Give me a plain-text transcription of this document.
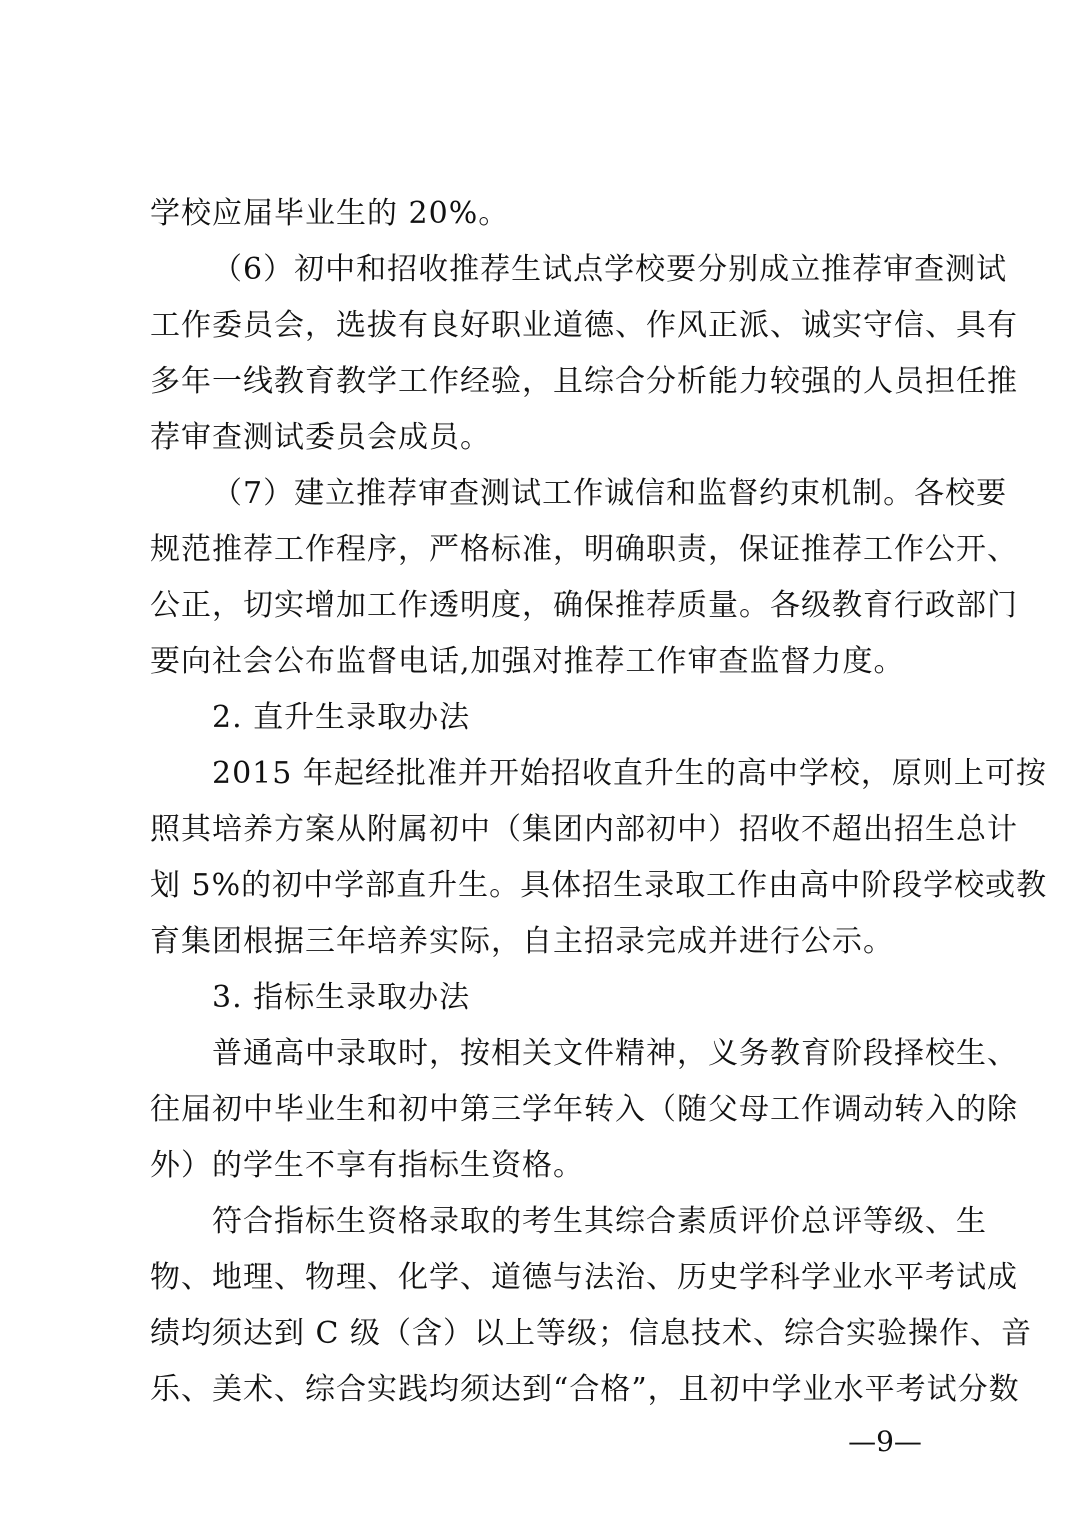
学校应届毕业生的 20%。
（6）初中和招收推荐生试点学校要分别成立推荐审查测试
工作委员会，选拔有良好职业道德、作风正派、诚实守信、具有
多年一线教育教学工作经验，且综合分析能力较强的人员担任推
荐审查测试委员会成员。
（7）建立推荐审查测试工作诚信和监督约束机制。各校要
规范推荐工作程序，严格标准，明确职责，保证推荐工作公开、
公正，切实增加工作透明度，确保推荐质量。各级教育行政部门
要向社会公布监督电话,加强对推荐工作审查监督力度。
2. 直升生录取办法
2015 年起经批准并开始招收直升生的高中学校，原则上可按
照其培养方案从附属初中（集团内部初中）招收不超出招生总计
划 5%的初中学部直升生。具体招生录取工作由高中阶段学校或教
育集团根据三年培养实际，自主招录完成并进行公示。
3. 指标生录取办法
普通高中录取时，按相关文件精神，义务教育阶段择校生、
往届初中毕业生和初中第三学年转入（随父母工作调动转入的除
外）的学生不享有指标生资格。
符合指标生资格录取的考生其综合素质评价总评等级、生
物、地理、物理、化学、道德与法治、历史学科学业水平考试成
绩均须达到 C 级（含）以上等级；信息技术、综合实验操作、音
乐、美术、综合实践均须达到“合格”，且初中学业水平考试分数
—9—
